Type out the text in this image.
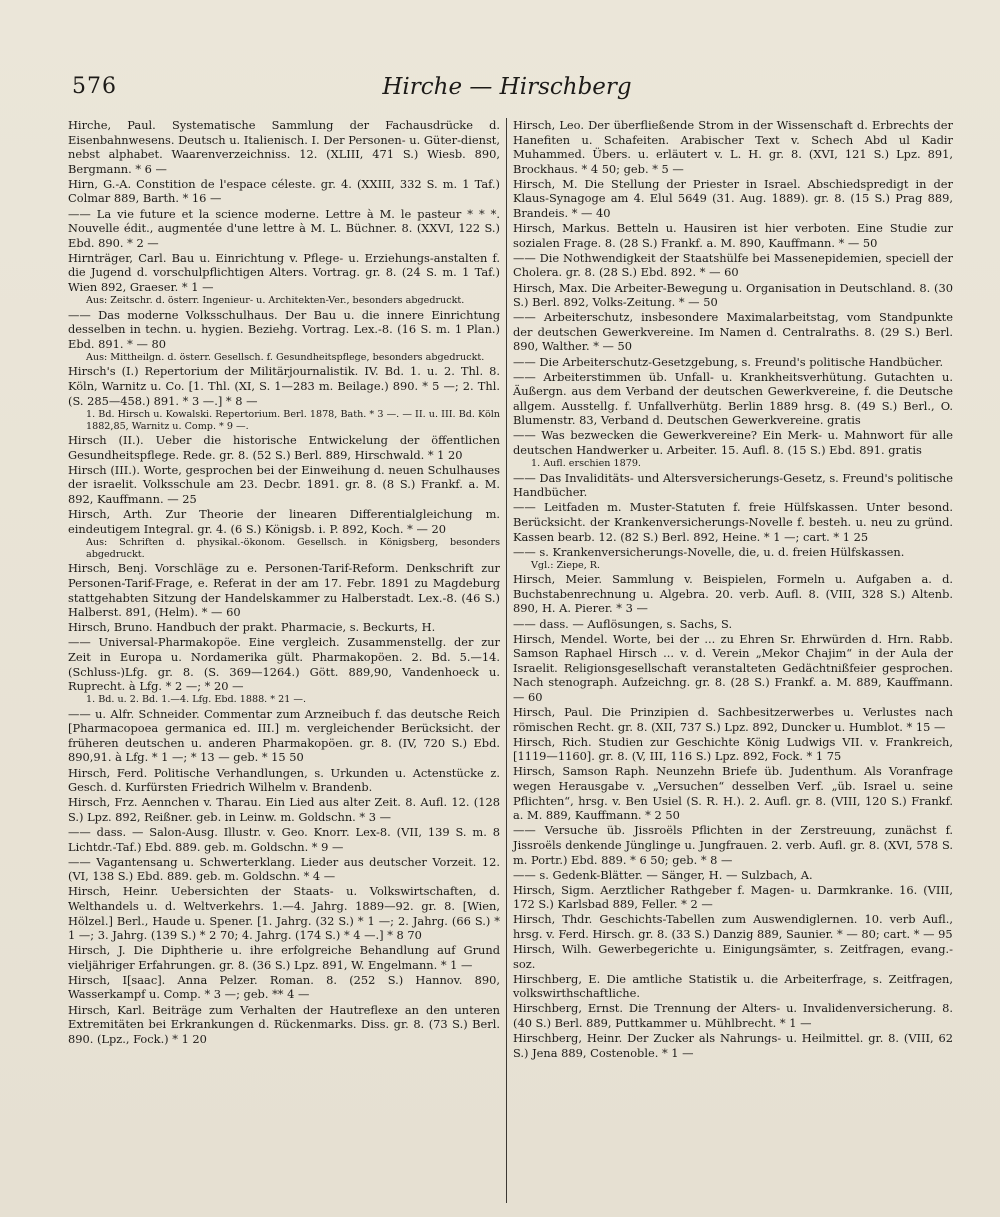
576	Hirche — Hirschberg
Hirche, Paul. Systematische Sammlung der Fachausdrücke d. Eisenbahnwesens. Deutsch u. Italienisch. I. Der Personen- u. Güter-dienst, nebst alphabet. Waarenverzeichniss. 12. (XLIII, 471 S.) Wiesb. 890, Bergmann. * 6 —
Hirn, G.-A. Constition de l'espace céleste. gr. 4. (XXIII, 332 S. m. 1 Taf.) Colmar 889, Barth. * 16 —
—— La vie future et la science moderne. Lettre à M. le pasteur * * *. Nouvelle édit., augmentée d'une lettre à M. L. Büchner. 8. (XXVI, 122 S.) Ebd. 890. * 2 —
Hirnträger, Carl. Bau u. Einrichtung v. Pflege- u. Erziehungs-anstalten f. die Jugend d. vorschulpflichtigen Alters. Vortrag. gr. 8. (24 S. m. 1 Taf.) Wien 892, Graeser. * 1 —
Aus: Zeitschr. d. österr. Ingenieur- u. Architekten-Ver., besonders abgedruckt.
—— Das moderne Volksschulhaus. Der Bau u. die innere Einrichtung desselben in techn. u. hygien. Beziehg. Vortrag. Lex.-8. (16 S. m. 1 Plan.) Ebd. 891. * — 80
Aus: Mittheilgn. d. österr. Gesellsch. f. Gesundheitspflege, besonders abgedruckt.
Hirsch's (I.) Repertorium der Militärjournalistik. IV. Bd. 1. u. 2. Thl. 8. Köln, Warnitz u. Co. [1. Thl. (XI, S. 1—283 m. Beilage.) 890. * 5 —; 2. Thl. (S. 285—458.) 891. * 3 —.] * 8 —
1. Bd. Hirsch u. Kowalski. Repertorium. Berl. 1878, Bath. * 3 —. — II. u. III. Bd. Köln 1882,85, Warnitz u. Comp. * 9 —.
Hirsch (II.). Ueber die historische Entwickelung der öffentlichen Gesundheitspflege. Rede. gr. 8. (52 S.) Berl. 889, Hirschwald. * 1 20
Hirsch (III.). Worte, gesprochen bei der Einweihung d. neuen Schulhauses der israelit. Volksschule am 23. Decbr. 1891. gr. 8. (8 S.) Frankf. a. M. 892, Kauffmann. — 25
Hirsch, Arth. Zur Theorie der linearen Differentialgleichung m. eindeutigem Integral. gr. 4. (6 S.) Königsb. i. P. 892, Koch. * — 20
Aus: Schriften d. physikal.-ökonom. Gesellsch. in Königsberg, besonders abgedruckt.
Hirsch, Benj. Vorschläge zu e. Personen-Tarif-Reform. Denkschrift zur Personen-Tarif-Frage, e. Referat in der am 17. Febr. 1891 zu Magdeburg stattgehabten Sitzung der Handelskammer zu Halberstadt. Lex.-8. (46 S.) Halberst. 891, (Helm). * — 60
Hirsch, Bruno. Handbuch der prakt. Pharmacie, s. Beckurts, H.
—— Universal-Pharmakopöe. Eine vergleich. Zusammenstellg. der zur Zeit in Europa u. Nordamerika gült. Pharmakopöen. 2. Bd. 5.—14. (Schluss-)Lfg. gr. 8. (S. 369—1264.) Gött. 889,90, Vandenhoeck u. Ruprecht. à Lfg. * 2 —; * 20 —
1. Bd. u. 2. Bd. 1.—4. Lfg. Ebd. 1888. * 21 —.
—— u. Alfr. Schneider. Commentar zum Arzneibuch f. das deutsche Reich [Pharmacopoea germanica ed. III.] m. vergleichender Berücksicht. der früheren deutschen u. anderen Pharmakopöen. gr. 8. (IV, 720 S.) Ebd. 890,91. à Lfg. * 1 —; * 13 — geb. * 15 50
Hirsch, Ferd. Politische Verhandlungen, s. Urkunden u. Actenstücke z. Gesch. d. Kurfürsten Friedrich Wilhelm v. Brandenb.
Hirsch, Frz. Aennchen v. Tharau. Ein Lied aus alter Zeit. 8. Aufl. 12. (128 S.) Lpz. 892, Reißner. geb. in Leinw. m. Goldschn. * 3 —
—— dass. — Salon-Ausg. Illustr. v. Geo. Knorr. Lex-8. (VII, 139 S. m. 8 Lichtdr.-Taf.) Ebd. 889. geb. m. Goldschn. * 9 —
—— Vagantensang u. Schwerterklang. Lieder aus deutscher Vorzeit. 12. (VI, 138 S.) Ebd. 889. geb. m. Goldschn. * 4 —
Hirsch, Heinr. Uebersichten der Staats- u. Volkswirtschaften, d. Welthandels u. d. Weltverkehrs. 1.—4. Jahrg. 1889—92. gr. 8. [Wien, Hölzel.] Berl., Haude u. Spener. [1. Jahrg. (32 S.) * 1 —; 2. Jahrg. (66 S.) * 1 —; 3. Jahrg. (139 S.) * 2 70; 4. Jahrg. (174 S.) * 4 —.] * 8 70
Hirsch, J. Die Diphtherie u. ihre erfolgreiche Behandlung auf Grund vieljähriger Erfahrungen. gr. 8. (36 S.) Lpz. 891, W. Engelmann. * 1 —
Hirsch, I[saac]. Anna Pelzer. Roman. 8. (252 S.) Hannov. 890, Wasserkampf u. Comp. * 3 —; geb. ** 4 —
Hirsch, Karl. Beiträge zum Verhalten der Hautreflexe an den unteren Extremitäten bei Erkrankungen d. Rückenmarks. Diss. gr. 8. (73 S.) Berl. 890. (Lpz., Fock.) * 1 20
Hirsch, Leo. Der überfließende Strom in der Wissenschaft d. Erbrechts der Hanefiten u. Schafeiten. Arabischer Text v. Schech Abd ul Kadir Muhammed. Übers. u. erläutert v. L. H. gr. 8. (XVI, 121 S.) Lpz. 891, Brockhaus. * 4 50; geb. * 5 —
Hirsch, M. Die Stellung der Priester in Israel. Abschiedspredigt in der Klaus-Synagoge am 4. Elul 5649 (31. Aug. 1889). gr. 8. (15 S.) Prag 889, Brandeis. * — 40
Hirsch, Markus. Betteln u. Hausiren ist hier verboten. Eine Studie zur sozialen Frage. 8. (28 S.) Frankf. a. M. 890, Kauffmann. * — 50
—— Die Nothwendigkeit der Staatshülfe bei Massenepidemien, speciell der Cholera. gr. 8. (28 S.) Ebd. 892. * — 60
Hirsch, Max. Die Arbeiter-Bewegung u. Organisation in Deutschland. 8. (30 S.) Berl. 892, Volks-Zeitung. * — 50
—— Arbeiterschutz, insbesondere Maximalarbeitstag, vom Standpunkte der deutschen Gewerkvereine. Im Namen d. Centralraths. 8. (29 S.) Berl. 890, Walther. * — 50
—— Die Arbeiterschutz-Gesetzgebung, s. Freund's politische Handbücher.
—— Arbeiterstimmen üb. Unfall- u. Krankheitsverhütung. Gutachten u. Äußergn. aus dem Verband der deutschen Gewerkvereine, f. die Deutsche allgem. Ausstellg. f. Unfallverhütg. Berlin 1889 hrsg. 8. (49 S.) Berl., O. Blumenstr. 83, Verband d. Deutschen Gewerkvereine. gratis
—— Was bezwecken die Gewerkvereine? Ein Merk- u. Mahnwort für alle deutschen Handwerker u. Arbeiter. 15. Aufl. 8. (15 S.) Ebd. 891. gratis
1. Aufl. erschien 1879.
—— Das Invaliditäts- und Altersversicherungs-Gesetz, s. Freund's politische Handbücher.
—— Leitfaden m. Muster-Statuten f. freie Hülfskassen. Unter besond. Berücksicht. der Krankenversicherungs-Novelle f. besteh. u. neu zu gründ. Kassen bearb. 12. (82 S.) Berl. 892, Heine. * 1 —; cart. * 1 25
—— s. Krankenversicherungs-Novelle, die, u. d. freien Hülfskassen.
Vgl.: Ziepe, R.
Hirsch, Meier. Sammlung v. Beispielen, Formeln u. Aufgaben a. d. Buchstabenrechnung u. Algebra. 20. verb. Aufl. 8. (VIII, 328 S.) Altenb. 890, H. A. Pierer. * 3 —
—— dass. — Auflösungen, s. Sachs, S.
Hirsch, Mendel. Worte, bei der ... zu Ehren Sr. Ehrwürden d. Hrn. Rabb. Samson Raphael Hirsch ... v. d. Verein „Mekor Chajim“ in der Aula der Israelit. Religionsgesellschaft veranstalteten Gedächtnißfeier gesprochen. Nach stenograph. Aufzeichng. gr. 8. (28 S.) Frankf. a. M. 889, Kauffmann. — 60
Hirsch, Paul. Die Prinzipien d. Sachbesitzerwerbes u. Verlustes nach römischen Recht. gr. 8. (XII, 737 S.) Lpz. 892, Duncker u. Humblot. * 15 —
Hirsch, Rich. Studien zur Geschichte König Ludwigs VII. v. Frankreich, [1119—1160]. gr. 8. (V, III, 116 S.) Lpz. 892, Fock. * 1 75
Hirsch, Samson Raph. Neunzehn Briefe üb. Judenthum. Als Voranfrage wegen Herausgabe v. „Versuchen“ desselben Verf. „üb. Israel u. seine Pflichten“, hrsg. v. Ben Usiel (S. R. H.). 2. Aufl. gr. 8. (VIII, 120 S.) Frankf. a. M. 889, Kauffmann. * 2 50
—— Versuche üb. Jissroëls Pflichten in der Zerstreuung, zunächst f. Jissroëls denkende Jünglinge u. Jungfrauen. 2. verb. Aufl. gr. 8. (XVI, 578 S. m. Portr.) Ebd. 889. * 6 50; geb. * 8 —
—— s. Gedenk-Blätter. — Sänger, H. — Sulzbach, A.
Hirsch, Sigm. Aerztlicher Rathgeber f. Magen- u. Darmkranke. 16. (VIII, 172 S.) Karlsbad 889, Feller. * 2 —
Hirsch, Thdr. Geschichts-Tabellen zum Auswendiglernen. 10. verb Aufl., hrsg. v. Ferd. Hirsch. gr. 8. (33 S.) Danzig 889, Saunier. * — 80; cart. * — 95
Hirsch, Wilh. Gewerbegerichte u. Einigungsämter, s. Zeitfragen, evang.-soz.
Hirschberg, E. Die amtliche Statistik u. die Arbeiterfrage, s. Zeitfragen, volkswirthschaftliche.
Hirschberg, Ernst. Die Trennung der Alters- u. Invalidenversicherung. 8. (40 S.) Berl. 889, Puttkammer u. Mühlbrecht. * 1 —
Hirschberg, Heinr. Der Zucker als Nahrungs- u. Heilmittel. gr. 8. (VIII, 62 S.) Jena 889, Costenoble. * 1 —
